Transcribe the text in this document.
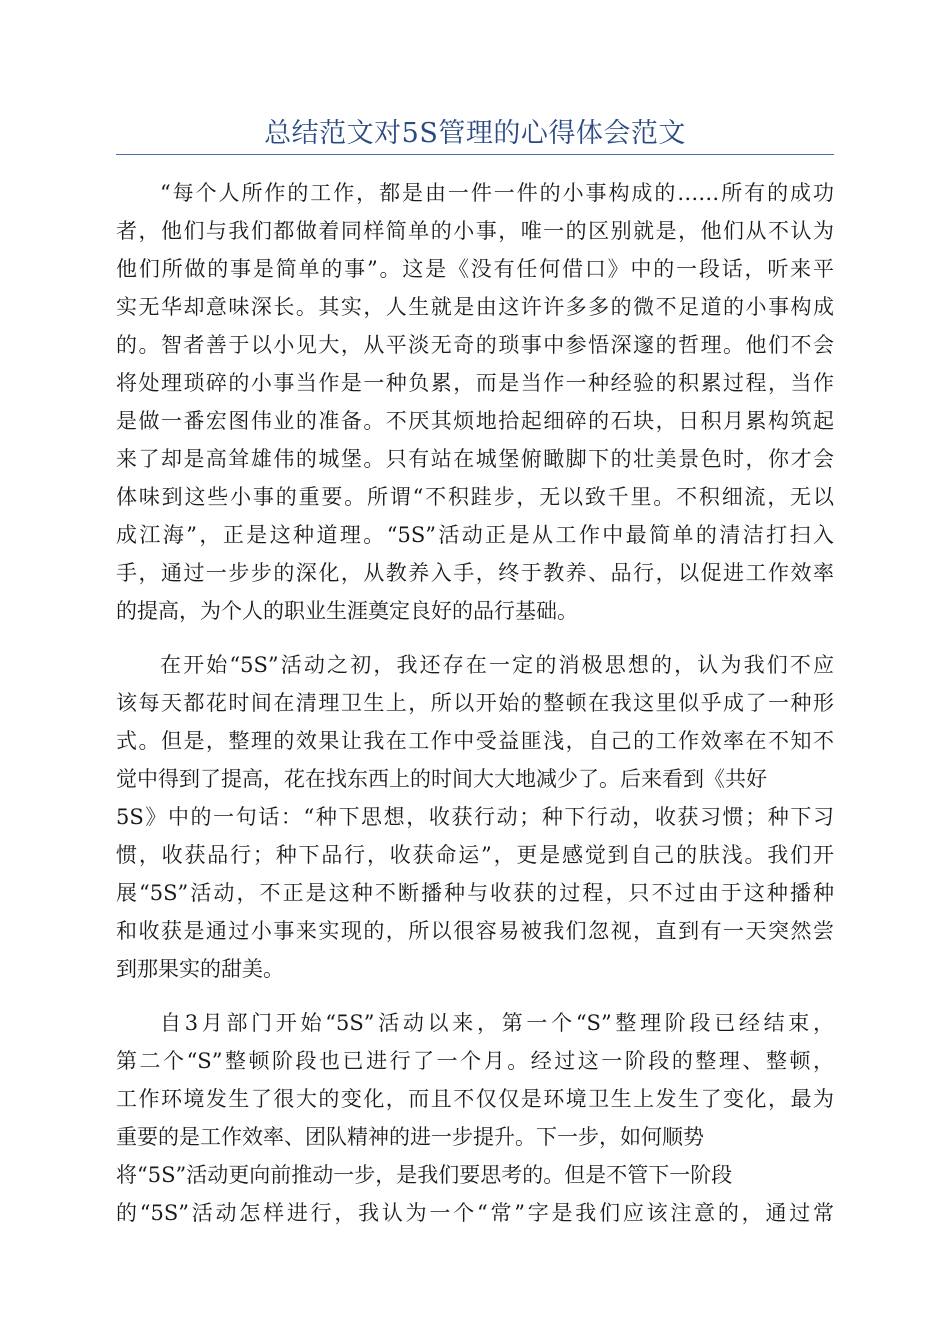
总结范文对5S管理的心得体会范文

“每个人所作的工作，都是由一件一件的小事构成的……所有的成功
者，他们与我们都做着同样简单的小事，唯一的区别就是，他们从不认为
他们所做的事是简单的事”。这是《没有任何借口》中的一段话，听来平
实无华却意味深长。其实，人生就是由这许许多多的微不足道的小事构成
的。智者善于以小见大，从平淡无奇的琐事中参悟深邃的哲理。他们不会
将处理琐碎的小事当作是一种负累，而是当作一种经验的积累过程，当作
是做一番宏图伟业的准备。不厌其烦地拾起细碎的石块，日积月累构筑起
来了却是高耸雄伟的城堡。只有站在城堡俯瞰脚下的壮美景色时，你才会
体味到这些小事的重要。所谓“不积跬步，无以致千里。不积细流，无以
成江海”，正是这种道理。“5S”活动正是从工作中最简单的清洁打扫入
手，通过一步步的深化，从教养入手，终于教养、品行，以促进工作效率
的提高，为个人的职业生涯奠定良好的品行基础。

在开始“5S”活动之初，我还存在一定的消极思想的，认为我们不应
该每天都花时间在清理卫生上，所以开始的整顿在我这里似乎成了一种形
式。但是，整理的效果让我在工作中受益匪浅，自己的工作效率在不知不
觉中得到了提高，花在找东西上的时间大大地减少了。后来看到《共好
5S》中的一句话：“种下思想，收获行动；种下行动，收获习惯；种下习
惯，收获品行；种下品行，收获命运”，更是感觉到自己的肤浅。我们开
展“5S”活动，不正是这种不断播种与收获的过程，只不过由于这种播种
和收获是通过小事来实现的，所以很容易被我们忽视，直到有一天突然尝
到那果实的甜美。

自3月部门开始“5S”活动以来，第一个“S”整理阶段已经结束，
第二个“S”整顿阶段也已进行了一个月。经过这一阶段的整理、整顿，
工作环境发生了很大的变化，而且不仅仅是环境卫生上发生了变化，最为
重要的是工作效率、团队精神的进一步提升。下一步，如何顺势
将“5S”活动更向前推动一步，是我们要思考的。但是不管下一阶段
的“5S”活动怎样进行，我认为一个“常”字是我们应该注意的，通过常
